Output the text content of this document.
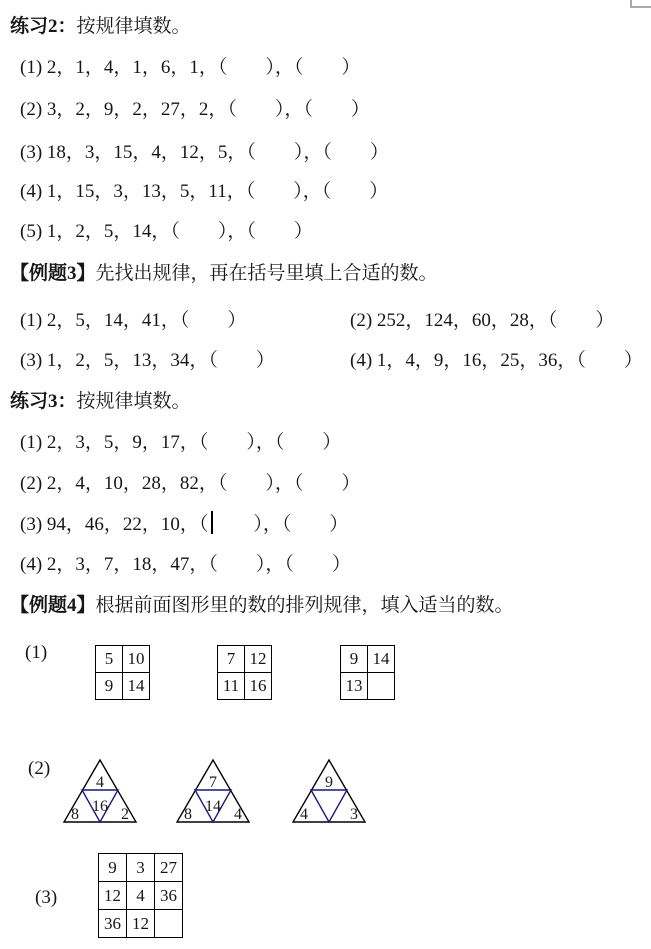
练习2：按规律填数。
(1) 2，1，4，1，6，1，（　　），（　　）
(2) 3，2，9，2，27，2，（　　），（　　）
(3) 18，3，15，4，12，5，（　　），（　　）
(4) 1，15，3，13，5，11，（　　），（　　）
(5) 1，2，5，14，（　　），（　　）
【例题3】先找出规律，再在括号里填上合适的数。
(1) 2，5，14，41，（　　）	(2) 252，124，60，28，（　　）
(3) 1，2，5，13，34，（　　）	(4) 1，4，9，16，25，36，（　　）
练习3：按规律填数。
(1) 2，3，5，9，17，（　　），（　　）
(2) 2，4，10，28，82，（　　），（　　）
(3) 94，46，22，10，（　　），（　　）
(4) 2，3，7，18，47，（　　），（　　）
【例题4】根据前面图形里的数的排列规律，填入适当的数。
(1)	5	10
9	14
7	12
11	16
9	14
13	
(2)
4
16
8	2
7
14
8	4
9
4	3
(3)
9	3	27
12	4	36
36	12	
